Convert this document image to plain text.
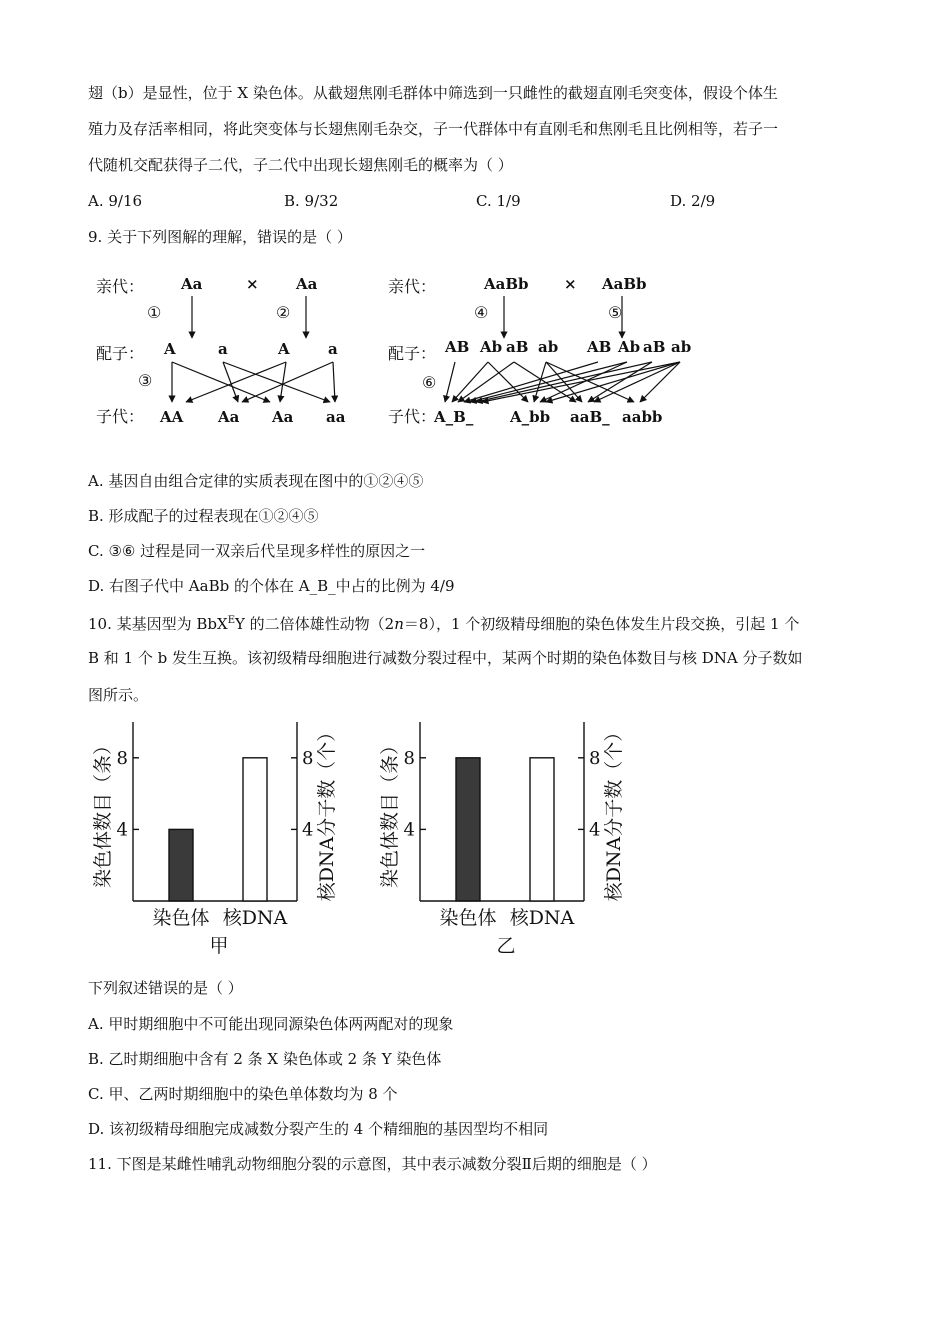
翅（b）是显性，位于 X 染色体。从截翅焦刚毛群体中筛选到一只雌性的截翅直刚毛突变体，假设个体生
殖力及存活率相同，将此突变体与长翅焦刚毛杂交，子一代群体中有直刚毛和焦刚毛且比例相等，若子一
代随机交配获得子二代，子二代中出现长翅焦刚毛的概率为（ ）
A. 9/16	B. 9/32	C. 1/9	D. 2/9
9. 关于下列图解的理解，错误的是（ ）
亲代：
配子：
子代：
①	②
③
亲代：
配子：
子代：
④	⑤
⑥
Aa	× Aa
A	a	A	a
AA Aa Aa aa
AaBb × AaBb
AB Ab aB ab AB Ab aB ab
A_B_ A_bb aaB_ aabb
A. 基因自由组合定律的实质表现在图中的①②④⑤
B. 形成配子的过程表现在①②④⑤
C. ③⑥ 过程是同一双亲后代呈现多样性的原因之一
D. 右图子代中 AaBb 的个体在 A_B_中占的比例为 4/9
10. 某基因型为 BbX$^E$Y 的二倍体雄性动物（2n＝8），1 个初级精母细胞的染色体发生片段交换，引起 1 个
B 和 1 个 b 发生互换。该初级精母细胞进行减数分裂过程中，某两个时期的染色体数目与核 DNA 分子数如
图所示。
4	4
8	8
染色体数目（条）	核DNA分子数（个）
染色体 核DNA
甲
4	4
8	8
染色体数目（条）	核DNA分子数（个）
染色体 核DNA
乙
下列叙述错误的是（ ）
A. 甲时期细胞中不可能出现同源染色体两两配对的现象
B. 乙时期细胞中含有 2 条 X 染色体或 2 条 Y 染色体
C. 甲、乙两时期细胞中的染色单体数均为 8 个
D. 该初级精母细胞完成减数分裂产生的 4 个精细胞的基因型均不相同
11. 下图是某雌性哺乳动物细胞分裂的示意图，其中表示减数分裂Ⅱ后期的细胞是（ ）
